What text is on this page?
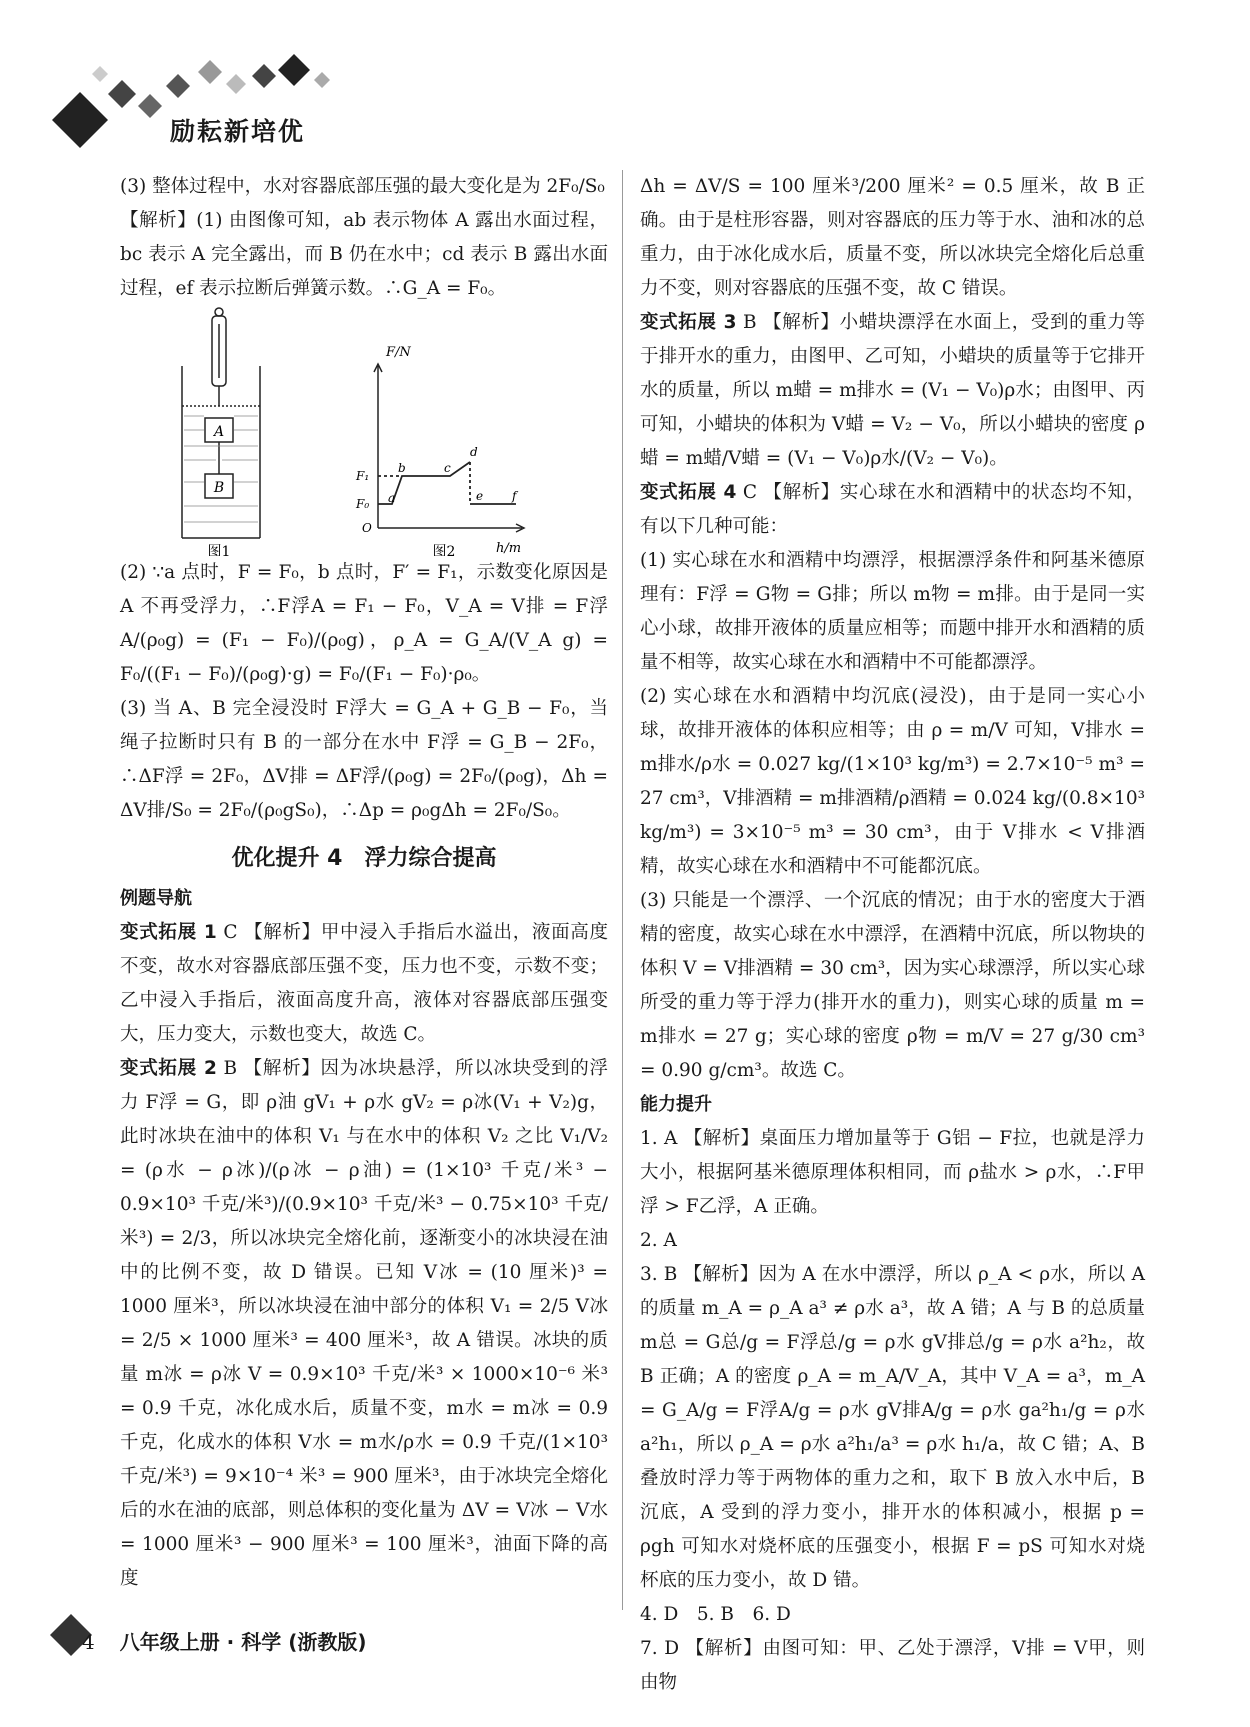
励耘新培优

(3) 整体过程中，水对容器底部压强的最大变化是为 2F₀/S₀

【解析】(1) 由图像可知，ab 表示物体 A 露出水面过程，bc 表示 A 完全露出，而 B 仍在水中；cd 表示 B 露出水面过程，ef 表示拉断后弹簧示数。∴G_A = F₀。

A
B
图1
F/N
h/m
F₁
F₀
O
a
b	c
d
e f
图2

(2) ∵a 点时，F = F₀，b 点时，F′ = F₁，示数变化原因是 A 不再受浮力，∴F浮A = F₁ − F₀，V_A = V排 = F浮A/(ρ₀g) = (F₁ − F₀)/(ρ₀g)，ρ_A = G_A/(V_A g) = F₀/((F₁ − F₀)/(ρ₀g)·g) = F₀/(F₁ − F₀)·ρ₀。

(3) 当 A、B 完全浸没时 F浮大 = G_A + G_B − F₀，当绳子拉断时只有 B 的一部分在水中 F浮 = G_B − 2F₀，∴ΔF浮 = 2F₀，ΔV排 = ΔF浮/(ρ₀g) = 2F₀/(ρ₀g)，Δh = ΔV排/S₀ = 2F₀/(ρ₀gS₀)，∴Δp = ρ₀gΔh = 2F₀/S₀。

优化提升 4　浮力综合提高
例题导航

变式拓展 1 C 【解析】甲中浸入手指后水溢出，液面高度不变，故水对容器底部压强不变，压力也不变，示数不变；乙中浸入手指后，液面高度升高，液体对容器底部压强变大，压力变大，示数也变大，故选 C。

变式拓展 2 B 【解析】因为冰块悬浮，所以冰块受到的浮力 F浮 = G，即 ρ油 gV₁ + ρ水 gV₂ = ρ冰(V₁ + V₂)g，此时冰块在油中的体积 V₁ 与在水中的体积 V₂ 之比 V₁/V₂ = (ρ水 − ρ冰)/(ρ冰 − ρ油) = (1×10³ 千克/米³ − 0.9×10³ 千克/米³)/(0.9×10³ 千克/米³ − 0.75×10³ 千克/米³) = 2/3，所以冰块完全熔化前，逐渐变小的冰块浸在油中的比例不变，故 D 错误。已知 V冰 = (10 厘米)³ = 1000 厘米³，所以冰块浸在油中部分的体积 V₁ = 2/5 V冰 = 2/5 × 1000 厘米³ = 400 厘米³，故 A 错误。冰块的质量 m冰 = ρ冰 V = 0.9×10³ 千克/米³ × 1000×10⁻⁶ 米³ = 0.9 千克，冰化成水后，质量不变，m水 = m冰 = 0.9 千克，化成水的体积 V水 = m水/ρ水 = 0.9 千克/(1×10³ 千克/米³) = 9×10⁻⁴ 米³ = 900 厘米³，由于冰块完全熔化后的水在油的底部，则总体积的变化量为 ΔV = V冰 − V水 = 1000 厘米³ − 900 厘米³ = 100 厘米³，油面下降的高度

Δh = ΔV/S = 100 厘米³/200 厘米² = 0.5 厘米，故 B 正确。由于是柱形容器，则对容器底的压力等于水、油和冰的总重力，由于冰化成水后，质量不变，所以冰块完全熔化后总重力不变，则对容器底的压强不变，故 C 错误。

变式拓展 3 B 【解析】小蜡块漂浮在水面上，受到的重力等于排开水的重力，由图甲、乙可知，小蜡块的质量等于它排开水的质量，所以 m蜡 = m排水 = (V₁ − V₀)ρ水；由图甲、丙可知，小蜡块的体积为 V蜡 = V₂ − V₀，所以小蜡块的密度 ρ蜡 = m蜡/V蜡 = (V₁ − V₀)ρ水/(V₂ − V₀)。

变式拓展 4 C 【解析】实心球在水和酒精中的状态均不知，有以下几种可能：

(1) 实心球在水和酒精中均漂浮，根据漂浮条件和阿基米德原理有：F浮 = G物 = G排；所以 m物 = m排。由于是同一实心小球，故排开液体的质量应相等；而题中排开水和酒精的质量不相等，故实心球在水和酒精中不可能都漂浮。

(2) 实心球在水和酒精中均沉底(浸没)，由于是同一实心小球，故排开液体的体积应相等；由 ρ = m/V 可知，V排水 = m排水/ρ水 = 0.027 kg/(1×10³ kg/m³) = 2.7×10⁻⁵ m³ = 27 cm³，V排酒精 = m排酒精/ρ酒精 = 0.024 kg/(0.8×10³ kg/m³) = 3×10⁻⁵ m³ = 30 cm³，由于 V排水 < V排酒精，故实心球在水和酒精中不可能都沉底。

(3) 只能是一个漂浮、一个沉底的情况；由于水的密度大于酒精的密度，故实心球在水中漂浮，在酒精中沉底，所以物块的体积 V = V排酒精 = 30 cm³，因为实心球漂浮，所以实心球所受的重力等于浮力(排开水的重力)，则实心球的质量 m = m排水 = 27 g；实心球的密度 ρ物 = m/V = 27 g/30 cm³ = 0.90 g/cm³。故选 C。

能力提升

1. A 【解析】桌面压力增加量等于 G铝 − F拉，也就是浮力大小，根据阿基米德原理体积相同，而 ρ盐水 > ρ水，∴F甲浮 > F乙浮，A 正确。

2. A

3. B 【解析】因为 A 在水中漂浮，所以 ρ_A < ρ水，所以 A 的质量 m_A = ρ_A a³ ≠ ρ水 a³，故 A 错；A 与 B 的总质量 m总 = G总/g = F浮总/g = ρ水 gV排总/g = ρ水 a²h₂，故 B 正确；A 的密度 ρ_A = m_A/V_A，其中 V_A = a³，m_A = G_A/g = F浮A/g = ρ水 gV排A/g = ρ水 ga²h₁/g = ρ水 a²h₁，所以 ρ_A = ρ水 a²h₁/a³ = ρ水 h₁/a，故 C 错；A、B 叠放时浮力等于两物体的重力之和，取下 B 放入水中后，B 沉底，A 受到的浮力变小，排开水的体积减小，根据 p = ρgh 可知水对烧杯底的压强变小，根据 F = pS 可知水对烧杯底的压力变小，故 D 错。

4. D　5. B　6. D

7. D 【解析】由图可知：甲、乙处于漂浮，V排 = V甲，则由物

4 八年级上册 · 科学 (浙教版)
